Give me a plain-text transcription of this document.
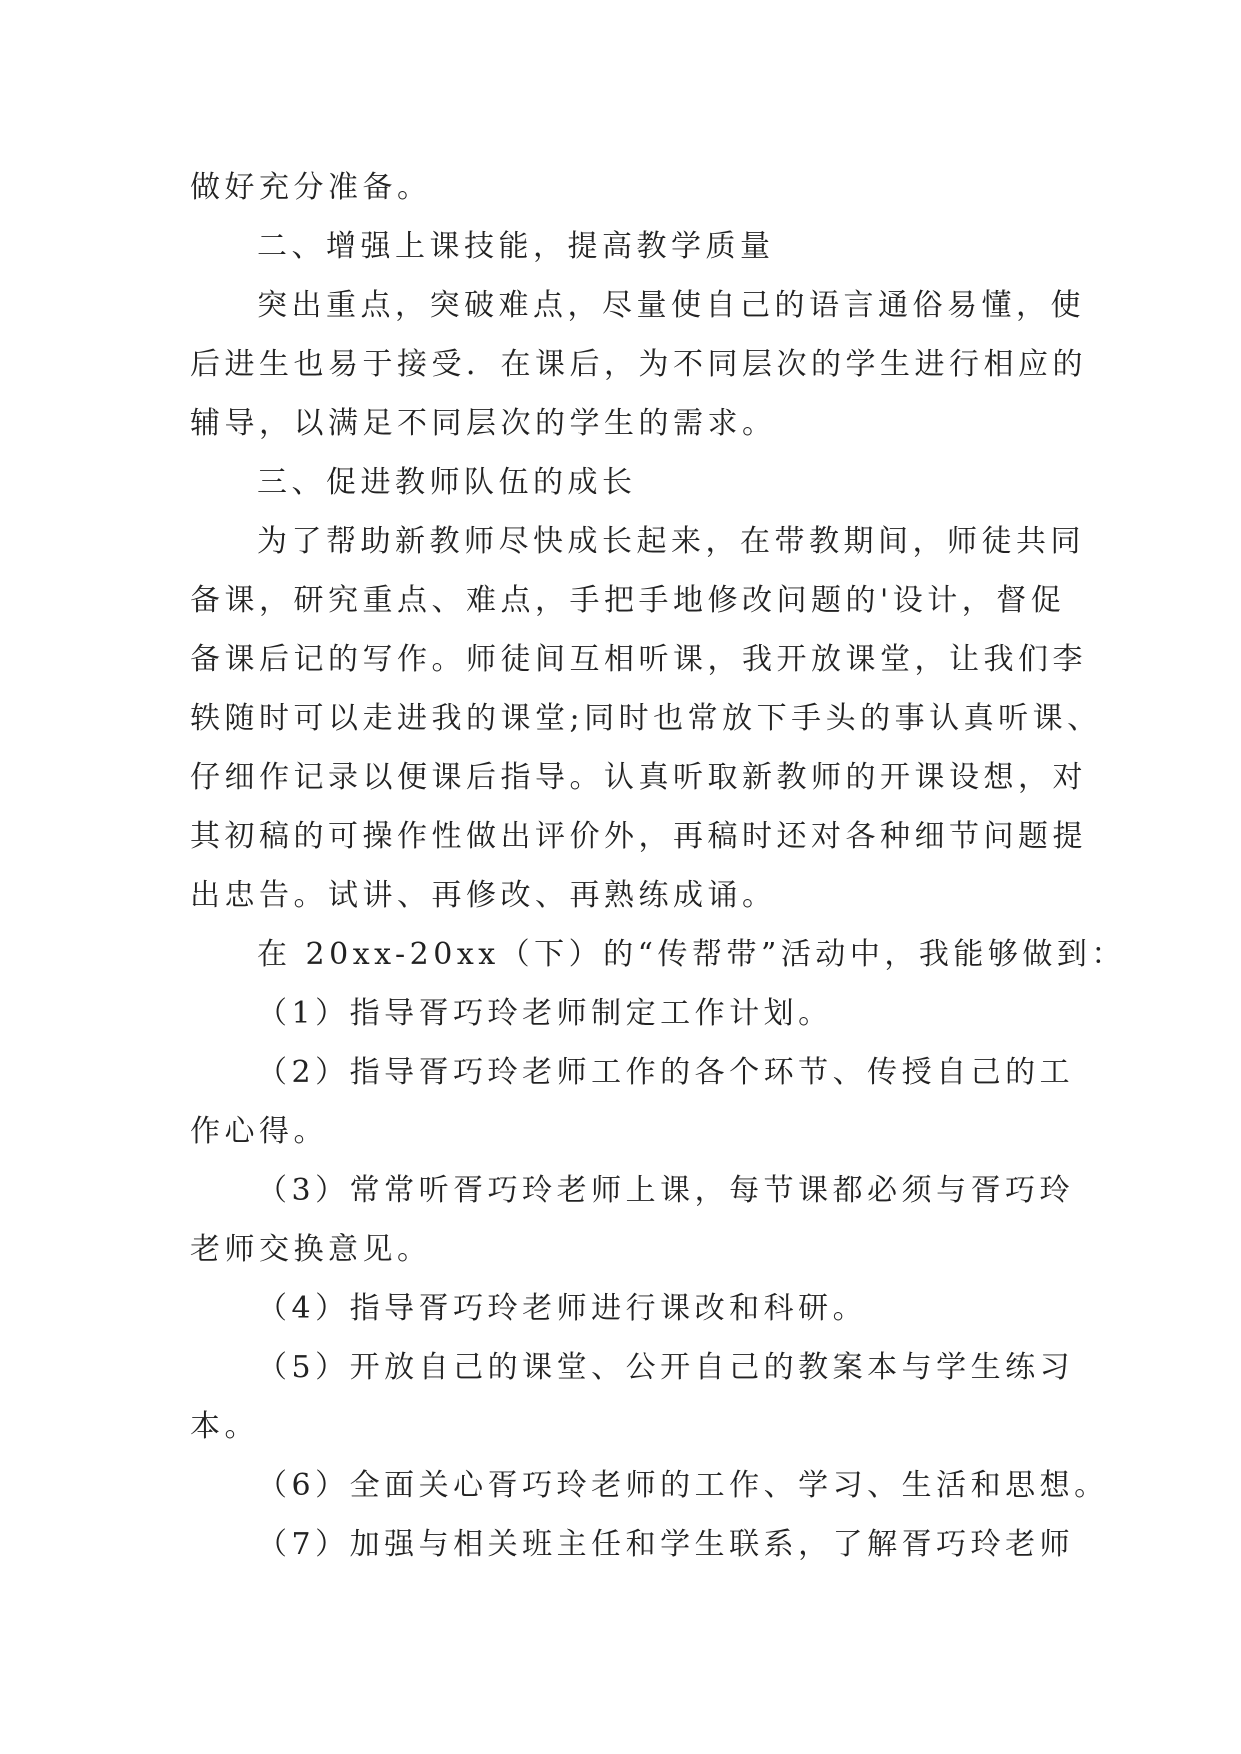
做好充分准备。

二、增强上课技能，提高教学质量

突出重点，突破难点，尽量使自己的语言通俗易懂，使

后进生也易于接受．在课后，为不同层次的学生进行相应的

辅导，以满足不同层次的学生的需求。

三、促进教师队伍的成长

为了帮助新教师尽快成长起来，在带教期间，师徒共同

备课，研究重点、难点，手把手地修改问题的'设计，督促

备课后记的写作。师徒间互相听课，我开放课堂，让我们李

轶随时可以走进我的课堂;同时也常放下手头的事认真听课、

仔细作记录以便课后指导。认真听取新教师的开课设想，对

其初稿的可操作性做出评价外，再稿时还对各种细节问题提

出忠告。试讲、再修改、再熟练成诵。

在 20xx-20xx（下）的“传帮带”活动中，我能够做到：

（1）指导胥巧玲老师制定工作计划。

（2）指导胥巧玲老师工作的各个环节、传授自己的工

作心得。

（3）常常听胥巧玲老师上课，每节课都必须与胥巧玲

老师交换意见。

（4）指导胥巧玲老师进行课改和科研。

（5）开放自己的课堂、公开自己的教案本与学生练习

本。

（6）全面关心胥巧玲老师的工作、学习、生活和思想。

（7）加强与相关班主任和学生联系，了解胥巧玲老师
